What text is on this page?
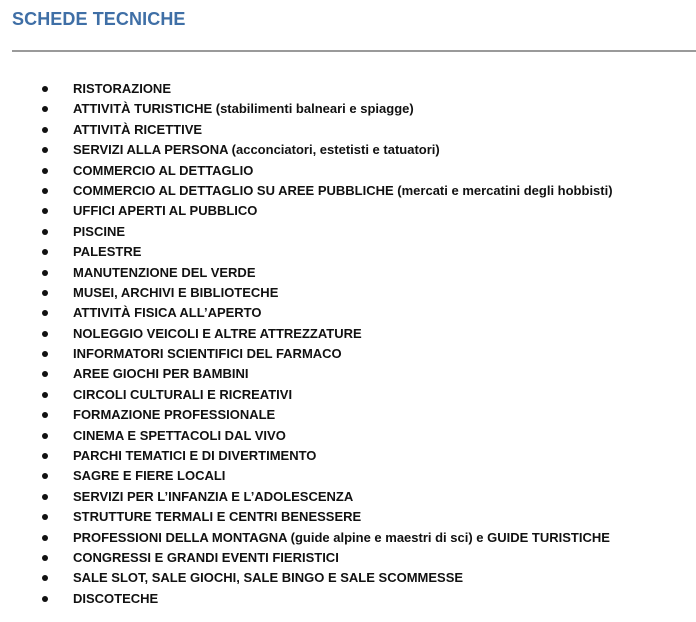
SCHEDE TECNICHE
RISTORAZIONE
ATTIVITÀ TURISTICHE (stabilimenti balneari e spiagge)
ATTIVITÀ RICETTIVE
SERVIZI ALLA PERSONA (acconciatori, estetisti e tatuatori)
COMMERCIO AL DETTAGLIO
COMMERCIO AL DETTAGLIO SU AREE PUBBLICHE (mercati e mercatini degli hobbisti)
UFFICI APERTI AL PUBBLICO
PISCINE
PALESTRE
MANUTENZIONE DEL VERDE
MUSEI, ARCHIVI E BIBLIOTECHE
ATTIVITÀ FISICA ALL’APERTO
NOLEGGIO VEICOLI E ALTRE ATTREZZATURE
INFORMATORI SCIENTIFICI DEL FARMACO
AREE GIOCHI PER BAMBINI
CIRCOLI CULTURALI E RICREATIVI
FORMAZIONE PROFESSIONALE
CINEMA E SPETTACOLI DAL VIVO
PARCHI TEMATICI E DI DIVERTIMENTO
SAGRE E FIERE LOCALI
SERVIZI PER L’INFANZIA E L’ADOLESCENZA
STRUTTURE TERMALI E CENTRI BENESSERE
PROFESSIONI DELLA MONTAGNA (guide alpine e maestri di sci) e GUIDE TURISTICHE
CONGRESSI E GRANDI EVENTI FIERISTICI
SALE SLOT, SALE GIOCHI, SALE BINGO E SALE SCOMMESSE
DISCOTECHE
